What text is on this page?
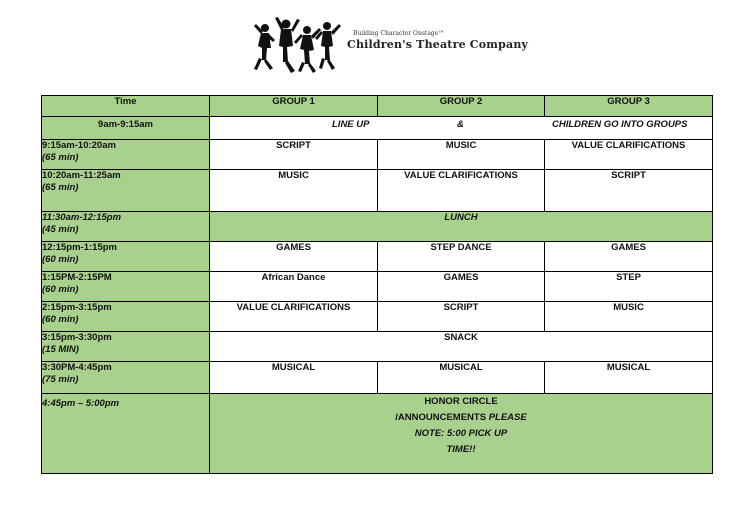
Building Character Onstage™
Children's Theatre Company
Time	GROUP 1	GROUP 2	GROUP 3
9am-9:15am	LINE UP & CHILDREN GO INTO GROUPS		

9:15am-10:20am
(65 min)	SCRIPT	MUSIC	VALUE CLARIFICATIONS

10:20am-11:25am
(65 min)	MUSIC	VALUE CLARIFICATIONS	SCRIPT

11:30am-12:15pm
(45 min)	LUNCH		

12:15pm-1:15pm
(60 min)	GAMES	STEP DANCE	GAMES

1:15PM-2:15PM
(60 min)	African Dance	GAMES	STEP

2:15pm-3:15pm
(60 min)	VALUE CLARIFICATIONS	SCRIPT	MUSIC

3:15pm-3:30pm
(15 MIN)	SNACK		

3:30PM-4:45pm
(75 min)	MUSICAL	MUSICAL	MUSICAL

4:45pm – 5:00pm	HONOR CIRCLE
/ANNOUNCEMENTS PLEASE
NOTE: 5:00 PICK UP
TIME!!		
